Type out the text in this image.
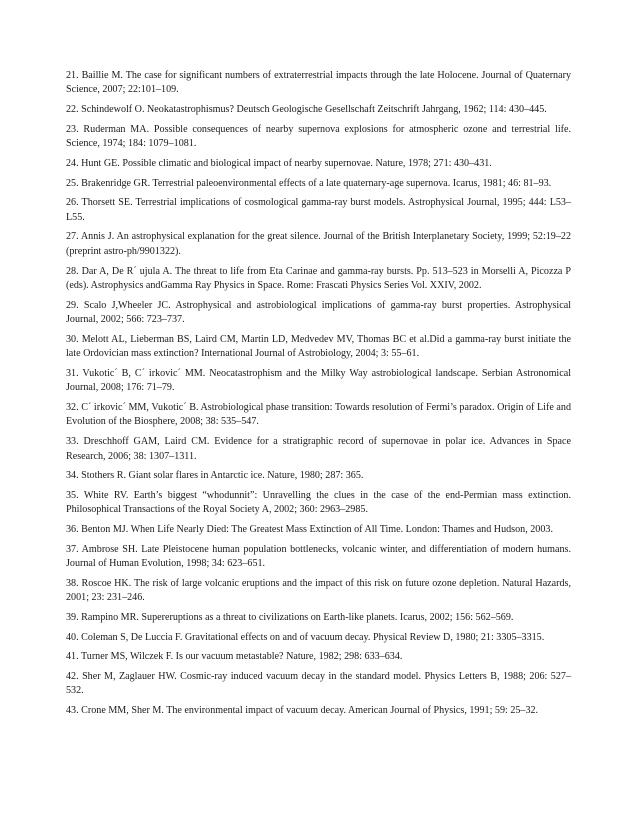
21. Baillie M. The case for significant numbers of extraterrestrial impacts through the late Holocene. Journal of Quaternary Science, 2007; 22:101–109.

22. Schindewolf O. Neokatastrophismus? Deutsch Geologische Gesellschaft Zeitschrift Jahrgang, 1962; 114: 430–445.

23. Ruderman MA. Possible consequences of nearby supernova explosions for atmospheric ozone and terrestrial life. Science, 1974; 184: 1079–1081.

24. Hunt GE. Possible climatic and biological impact of nearby supernovae. Nature, 1978; 271: 430–431.

25. Brakenridge GR. Terrestrial paleoenvironmental effects of a late quaternary-age supernova. Icarus, 1981; 46: 81–93.

26. Thorsett SE. Terrestrial implications of cosmological gamma-ray burst models. Astrophysical Journal, 1995; 444: L53–L55.

27. Annis J. An astrophysical explanation for the great silence. Journal of the British Interplanetary Society, 1999; 52:19–22 (preprint astro-ph/9901322).

28. Dar A, De R´ ujula A. The threat to life from Eta Carinae and gamma-ray bursts. Pp. 513–523 in Morselli A, Picozza P (eds). Astrophysics andGamma Ray Physics in Space. Rome: Frascati Physics Series Vol. XXIV, 2002.

29. Scalo J,Wheeler JC. Astrophysical and astrobiological implications of gamma-ray burst properties. Astrophysical Journal, 2002; 566: 723–737.

30. Melott AL, Lieberman BS, Laird CM, Martin LD, Medvedev MV, Thomas BC et al.Did a gamma-ray burst initiate the late Ordovician mass extinction? International Journal of Astrobiology, 2004; 3: 55–61.

31. Vukotic´ B, C´ irkovic´ MM. Neocatastrophism and the Milky Way astrobiological landscape. Serbian Astronomical Journal, 2008; 176: 71–79.

32. C´ irkovic´ MM, Vukotic´ B. Astrobiological phase transition: Towards resolution of Fermi’s paradox. Origin of Life and Evolution of the Biosphere, 2008; 38: 535–547.

33. Dreschhoff GAM, Laird CM. Evidence for a stratigraphic record of supernovae in polar ice. Advances in Space Research, 2006; 38: 1307–1311.

34. Stothers R. Giant solar flares in Antarctic ice. Nature, 1980; 287: 365.

35. White RV. Earth’s biggest “whodunnit”: Unravelling the clues in the case of the end-Permian mass extinction. Philosophical Transactions of the Royal Society A, 2002; 360: 2963–2985.

36. Benton MJ. When Life Nearly Died: The Greatest Mass Extinction of All Time. London: Thames and Hudson, 2003.

37. Ambrose SH. Late Pleistocene human population bottlenecks, volcanic winter, and differentiation of modern humans. Journal of Human Evolution, 1998; 34: 623–651.

38. Roscoe HK. The risk of large volcanic eruptions and the impact of this risk on future ozone depletion. Natural Hazards, 2001; 23: 231–246.

39. Rampino MR. Supereruptions as a threat to civilizations on Earth-like planets. Icarus, 2002; 156: 562–569.

40. Coleman S, De Luccia F. Gravitational effects on and of vacuum decay. Physical Review D, 1980; 21: 3305–3315.

41. Turner MS, Wilczek F. Is our vacuum metastable? Nature, 1982; 298: 633–634.

42. Sher M, Zaglauer HW. Cosmic-ray induced vacuum decay in the standard model. Physics Letters B, 1988; 206: 527–532.

43. Crone MM, Sher M. The environmental impact of vacuum decay. American Journal of Physics, 1991; 59: 25–32.
